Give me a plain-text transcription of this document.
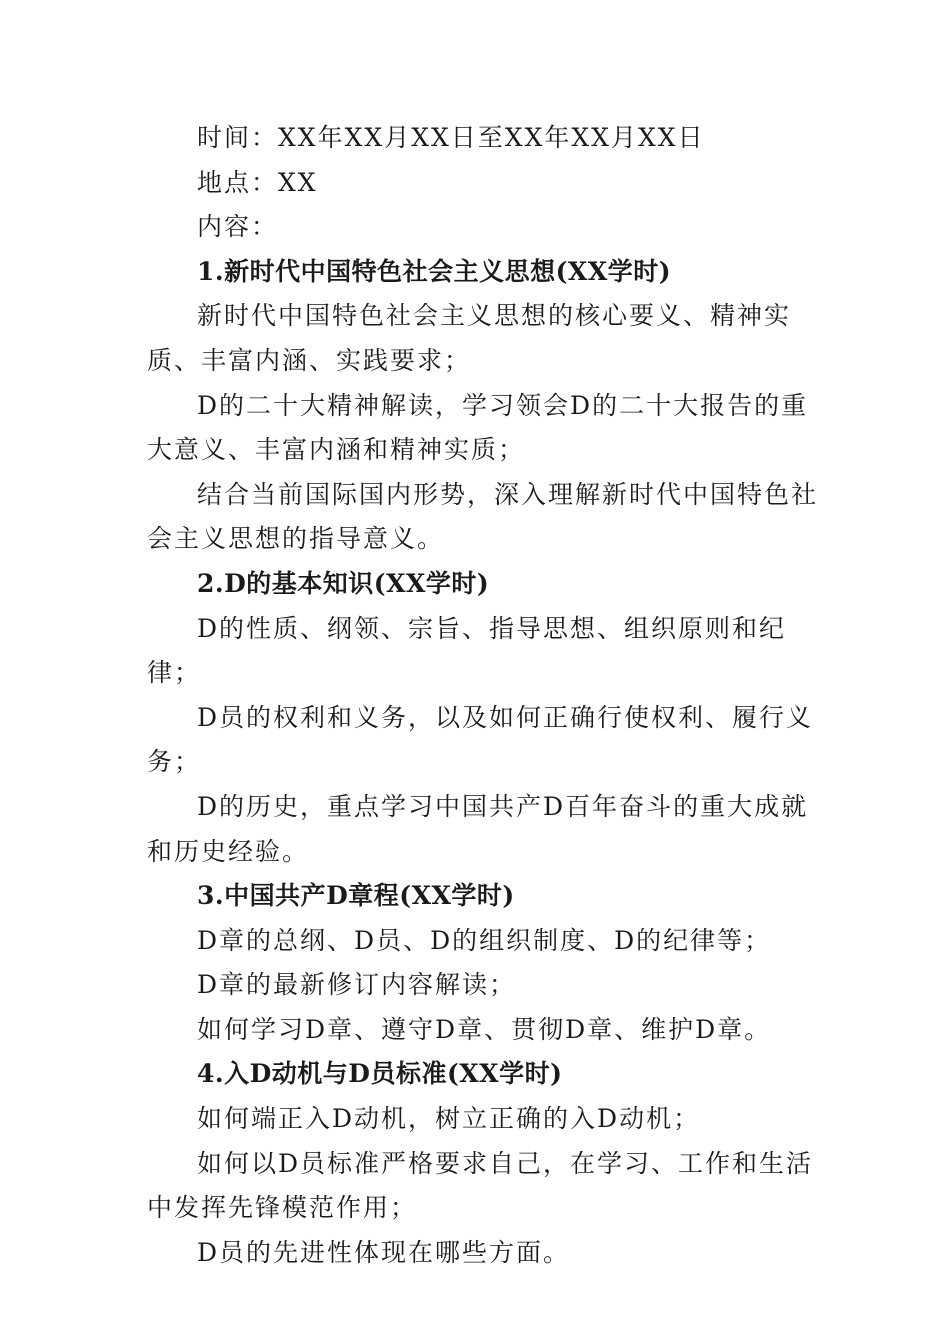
时间：XX年XX月XX日至XX年XX月XX日

地点：XX

内容：

1.新时代中国特色社会主义思想(XX学时)

新时代中国特色社会主义思想的核心要义、精神实质、丰富内涵、实践要求；

D的二十大精神解读，学习领会D的二十大报告的重大意义、丰富内涵和精神实质；

结合当前国际国内形势，深入理解新时代中国特色社会主义思想的指导意义。

2.D的基本知识(XX学时)

D的性质、纲领、宗旨、指导思想、组织原则和纪律；

D员的权利和义务，以及如何正确行使权利、履行义务；

D的历史，重点学习中国共产D百年奋斗的重大成就和历史经验。

3.中国共产D章程(XX学时)

D章的总纲、D员、D的组织制度、D的纪律等；

D章的最新修订内容解读；

如何学习D章、遵守D章、贯彻D章、维护D章。

4.入D动机与D员标准(XX学时)

如何端正入D动机，树立正确的入D动机；

如何以D员标准严格要求自己，在学习、工作和生活中发挥先锋模范作用；

D员的先进性体现在哪些方面。
